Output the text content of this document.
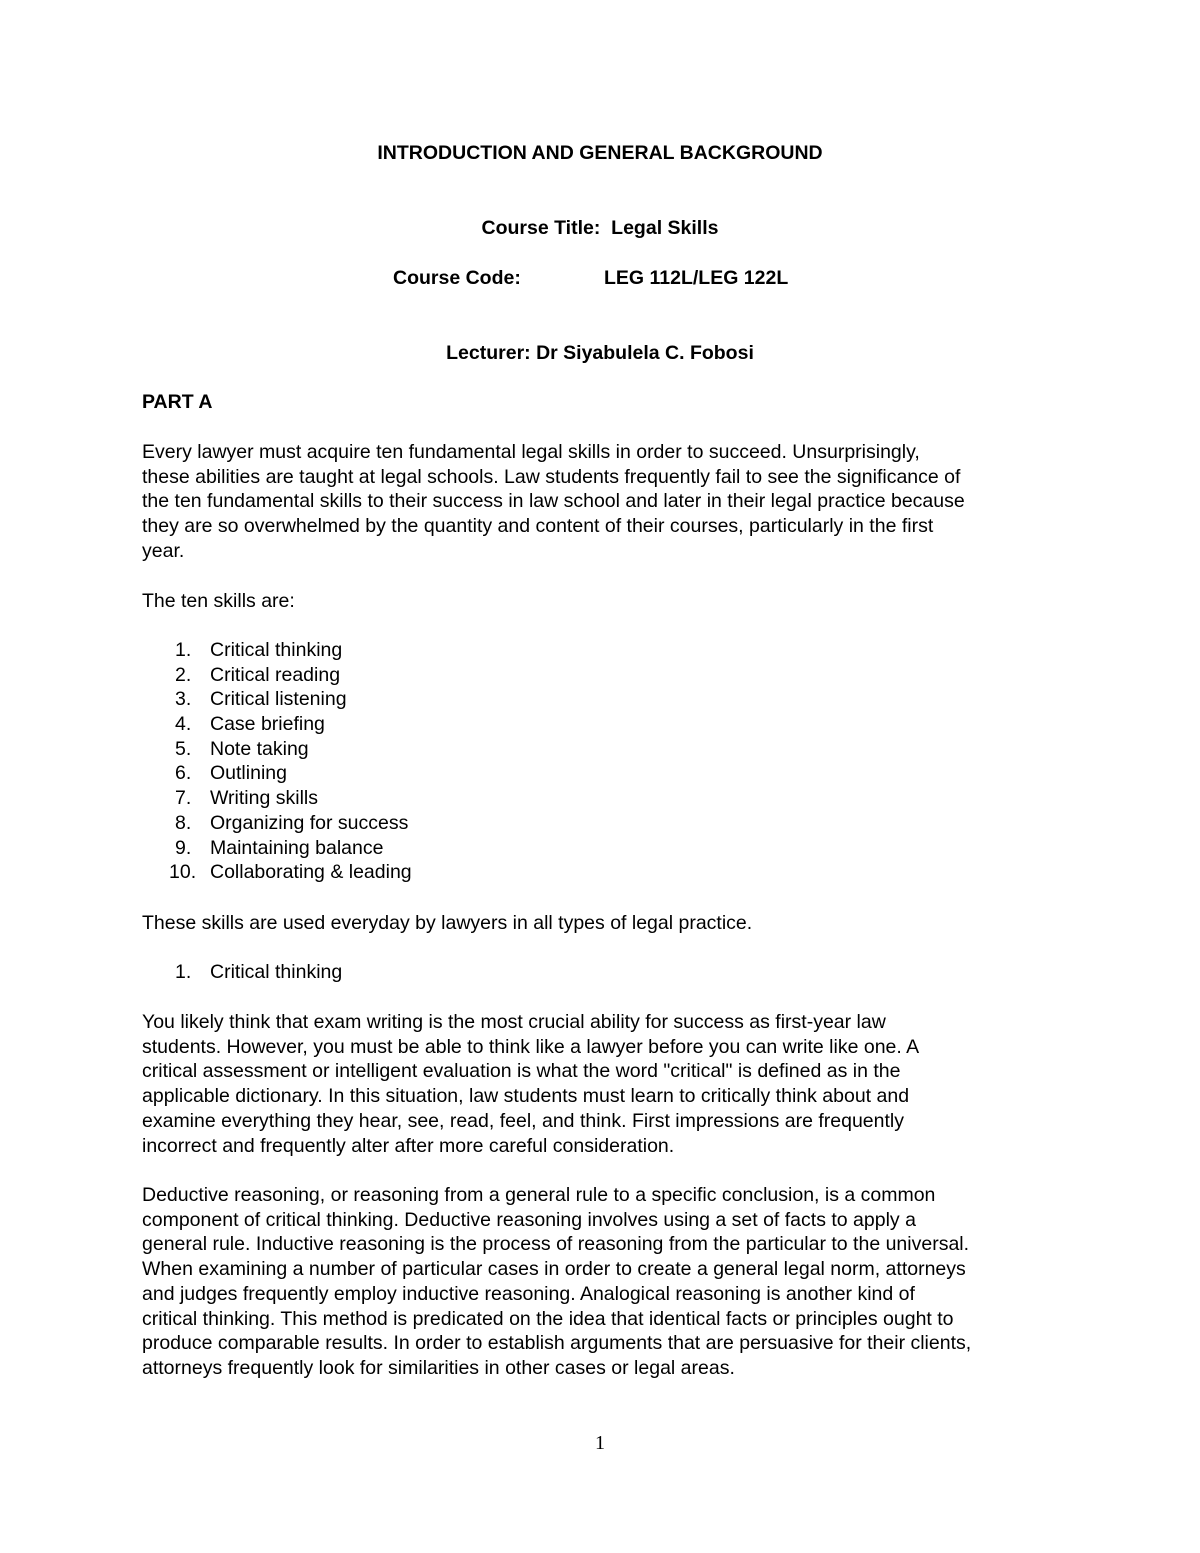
INTRODUCTION AND GENERAL BACKGROUND
Course Title:  Legal Skills
Course Code:	LEG 112L/LEG 122L
Lecturer: Dr Siyabulela C. Fobosi
PART A

Every lawyer must acquire ten fundamental legal skills in order to succeed. Unsurprisingly,
these abilities are taught at legal schools. Law students frequently fail to see the significance of
the ten fundamental skills to their success in law school and later in their legal practice because
they are so overwhelmed by the quantity and content of their courses, particularly in the first
year.

The ten skills are:

1. Critical thinking
2. Critical reading
3. Critical listening
4. Case briefing
5. Note taking
6. Outlining
7. Writing skills
8. Organizing for success
9. Maintaining balance
10. Collaborating & leading

These skills are used everyday by lawyers in all types of legal practice.

1. Critical thinking

You likely think that exam writing is the most crucial ability for success as first-year law
students. However, you must be able to think like a lawyer before you can write like one. A
critical assessment or intelligent evaluation is what the word "critical" is defined as in the
applicable dictionary. In this situation, law students must learn to critically think about and
examine everything they hear, see, read, feel, and think. First impressions are frequently
incorrect and frequently alter after more careful consideration.

Deductive reasoning, or reasoning from a general rule to a specific conclusion, is a common
component of critical thinking. Deductive reasoning involves using a set of facts to apply a
general rule. Inductive reasoning is the process of reasoning from the particular to the universal.
When examining a number of particular cases in order to create a general legal norm, attorneys
and judges frequently employ inductive reasoning. Analogical reasoning is another kind of
critical thinking. This method is predicated on the idea that identical facts or principles ought to
produce comparable results. In order to establish arguments that are persuasive for their clients,
attorneys frequently look for similarities in other cases or legal areas.

1
